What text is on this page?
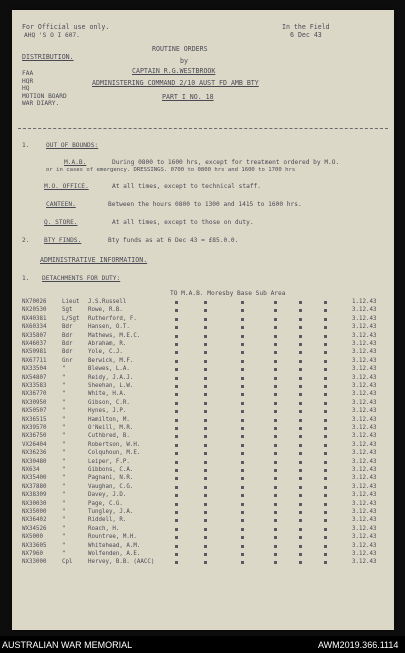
For Official use only.
AHQ 'S O I 607.
DISTRIBUTION.
FAA
HQR
HQ
MOTION BOARD
WAR DIARY.
In the Field
6 Dec 43
ROUTINE ORDERS
by
CAPTAIN R.G.WESTBROOK
ADMINISTERING COMMAND 2/10 AUST FD AMB BTY
PART I NO. 18
1.	OUT OF BOUNDS:
M.A.B.	During 0800 to 1600 hrs, except for treatment ordered by M.O.
or in cases of emergency. DRESSINGS. 0700 to 0800 hrs and 1600 to 1700 hrs
M.O. OFFICE.	At all times, except to technical staff.
CANTEEN.	Between the hours 0800 to 1300 and 1415 to 1600 hrs.
Q. STORE.	At all times, except to those on duty.
2. BTY FINDS.	Bty funds as at 6 Dec 43 = £85.0.0.
ADMINISTRATIVE INFORMATION.
1. DETACHMENTS FOR DUTY:
TO M.A.B. Moresby Base Sub Area
NX70026	Lieut J.S.Russell	1.12.43
NX20530	Sgt	Rowe, R.B.	3.12.43
NX40381	L/Sgt Rutherford, F.	3.12.43
NX60334	Bdr	Hansen, O.T.	3.12.43
NX35807	Bdr	Mathews, M.E.C.	3.12.43
NX46037	Bdr	Abraham, R.	3.12.43
NX50981	Bdr	Yole, C.J.	3.12.43
NX67711	Gnr	Berwick, M.F.	3.12.43
NX33504	"	Blewes, L.A.	3.12.43
NX54807	"	Reidy, J.A.J.	3.12.43
NX33583	"	Sheehan, L.W.	3.12.43
NX36770	"	White, H.A.	3.12.43
NX30950	"	Gibson, C.R.	3.12.43
NX50507	"	Hynes, J.P.	3.12.43
NX36515	"	Hamilton, M.	3.12.43
NX39570	"	O'Neill, M.R.	3.12.43
NX36750	"	Cuthbred, B.	3.12.43
VX26404	"	Robertson, W.H.	3.12.43
NX36236	"	Colquhoun, M.E.	3.12.43
NX30480	"	Leiper, F.P.	3.12.43
NX634	"	Gibbons, C.A.	3.12.43
NX35400	"	Pagnani, N.R.	3.12.43
NX37880	"	Vaughan, C.G.	3.12.43
NX38309	"	Davey, J.D.	3.12.43
NX30030	"	Page, C.G.	3.12.43
NX35000	"	Tungley, J.A.	3.12.43
NX36402	"	Riddell, R.	3.12.43
WX34526	"	Roach, H.	3.12.43
NX5000	"	Rountree, M.H.	3.12.43
NX33605	"	Whitehead, A.M.	3.12.43
NX7960	"	Wolfenden, A.E.	3.12.43
NX33000	Cpl	Hervey, B.B. (AACC)	3.12.43
AUSTRALIAN WAR MEMORIAL	AWM2019.366.1114
